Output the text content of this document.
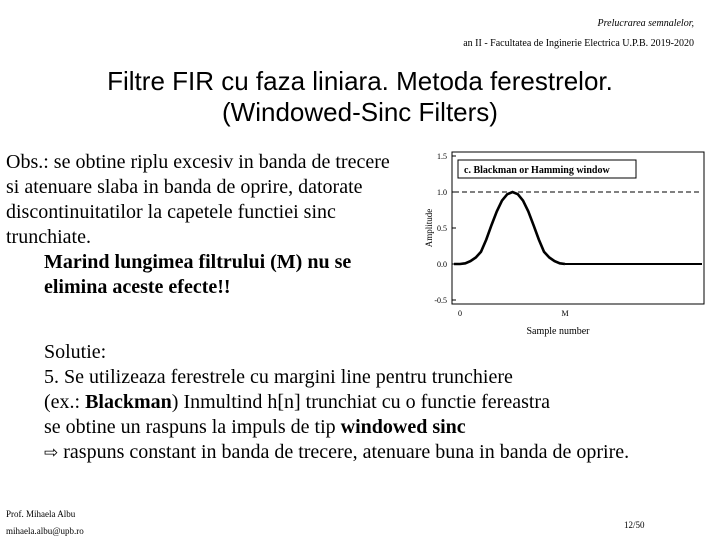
Prelucrarea semnalelor,
an II - Facultatea de Inginerie Electrica U.P.B. 2019-2020
Filtre FIR cu faza liniara. Metoda ferestrelor.
(Windowed-Sinc Filters)
Obs.: se obtine riplu excesiv in banda de trecere si atenuare slaba in banda de oprire, datorate discontinuitatilor la capetele functiei sinc trunchiate.
Marind lungimea filtrului (M) nu se elimina aceste efecte!!
c. Blackman or Hamming window
Amplitude
Sample number
1.5
1.0
0.5
0.0
-0.5
0	M
Solutie:
5. Se utilizeaza ferestrele cu margini line pentru trunchiere
(ex.: Blackman) Inmultind h[n] trunchiat cu o functie fereastra
se obtine un raspuns la impuls de tip windowed sinc
⇨ raspuns constant in banda de trecere, atenuare buna in banda de oprire.
Prof. Mihaela Albu
mihaela.albu@upb.ro
12/50
